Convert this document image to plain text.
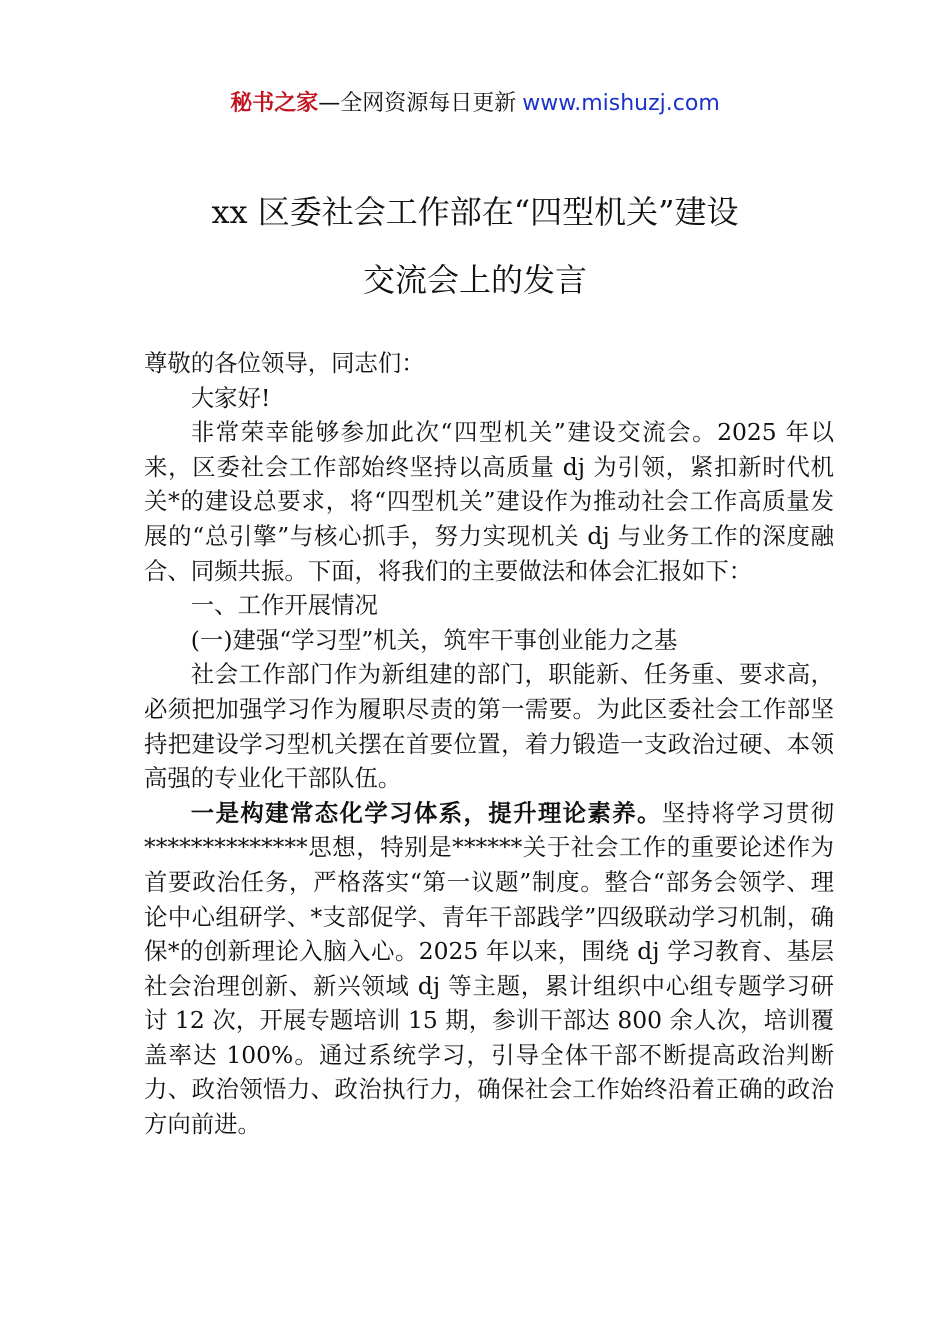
秘书之家—全网资源每日更新 www.mishuzj.com
xx 区委社会工作部在“四型机关”建设
交流会上的发言

尊敬的各位领导，同志们：

大家好!

非常荣幸能够参加此次“四型机关”建设交流会。2025 年以来，区委社会工作部始终坚持以高质量 dj 为引领，紧扣新时代机关*的建设总要求，将“四型机关”建设作为推动社会工作高质量发展的“总引擎”与核心抓手，努力实现机关 dj 与业务工作的深度融合、同频共振。下面，将我们的主要做法和体会汇报如下：

一、工作开展情况

(一)建强“学习型”机关，筑牢干事创业能力之基

社会工作部门作为新组建的部门，职能新、任务重、要求高，必须把加强学习作为履职尽责的第一需要。为此区委社会工作部坚持把建设学习型机关摆在首要位置，着力锻造一支政治过硬、本领高强的专业化干部队伍。

一是构建常态化学习体系，提升理论素养。坚持将学习贯彻**************思想，特别是******关于社会工作的重要论述作为首要政治任务，严格落实“第一议题”制度。整合“部务会领学、理论中心组研学、*支部促学、青年干部践学”四级联动学习机制，确保*的创新理论入脑入心。2025 年以来，围绕 dj 学习教育、基层社会治理创新、新兴领域 dj 等主题，累计组织中心组专题学习研讨 12 次，开展专题培训 15 期，参训干部达 800 余人次，培训覆盖率达 100%。通过系统学习，引导全体干部不断提高政治判断力、政治领悟力、政治执行力，确保社会工作始终沿着正确的政治方向前进。
